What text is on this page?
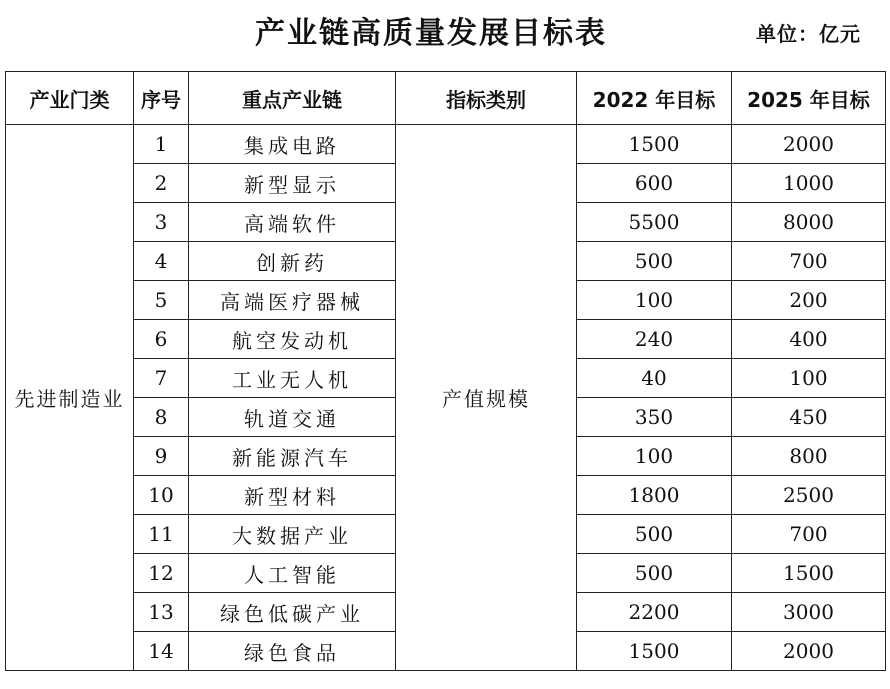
产业链高质量发展目标表	单位：亿元
产业门类	序号	重点产业链	指标类别	2022 年目标	2025 年目标
先进制造业	1	集成电路	产值规模	1500	2000
	2	新型显示		600	1000
	3	高端软件		5500	8000
	4	创新药		500	700
	5	高端医疗器械		100	200
	6	航空发动机		240	400
	7	工业无人机		40	100
	8	轨道交通		350	450
	9	新能源汽车		100	800
	10	新型材料		1800	2500
	11	大数据产业		500	700
	12	人工智能		500	1500
	13	绿色低碳产业		2200	3000
	14	绿色食品		1500	2000
